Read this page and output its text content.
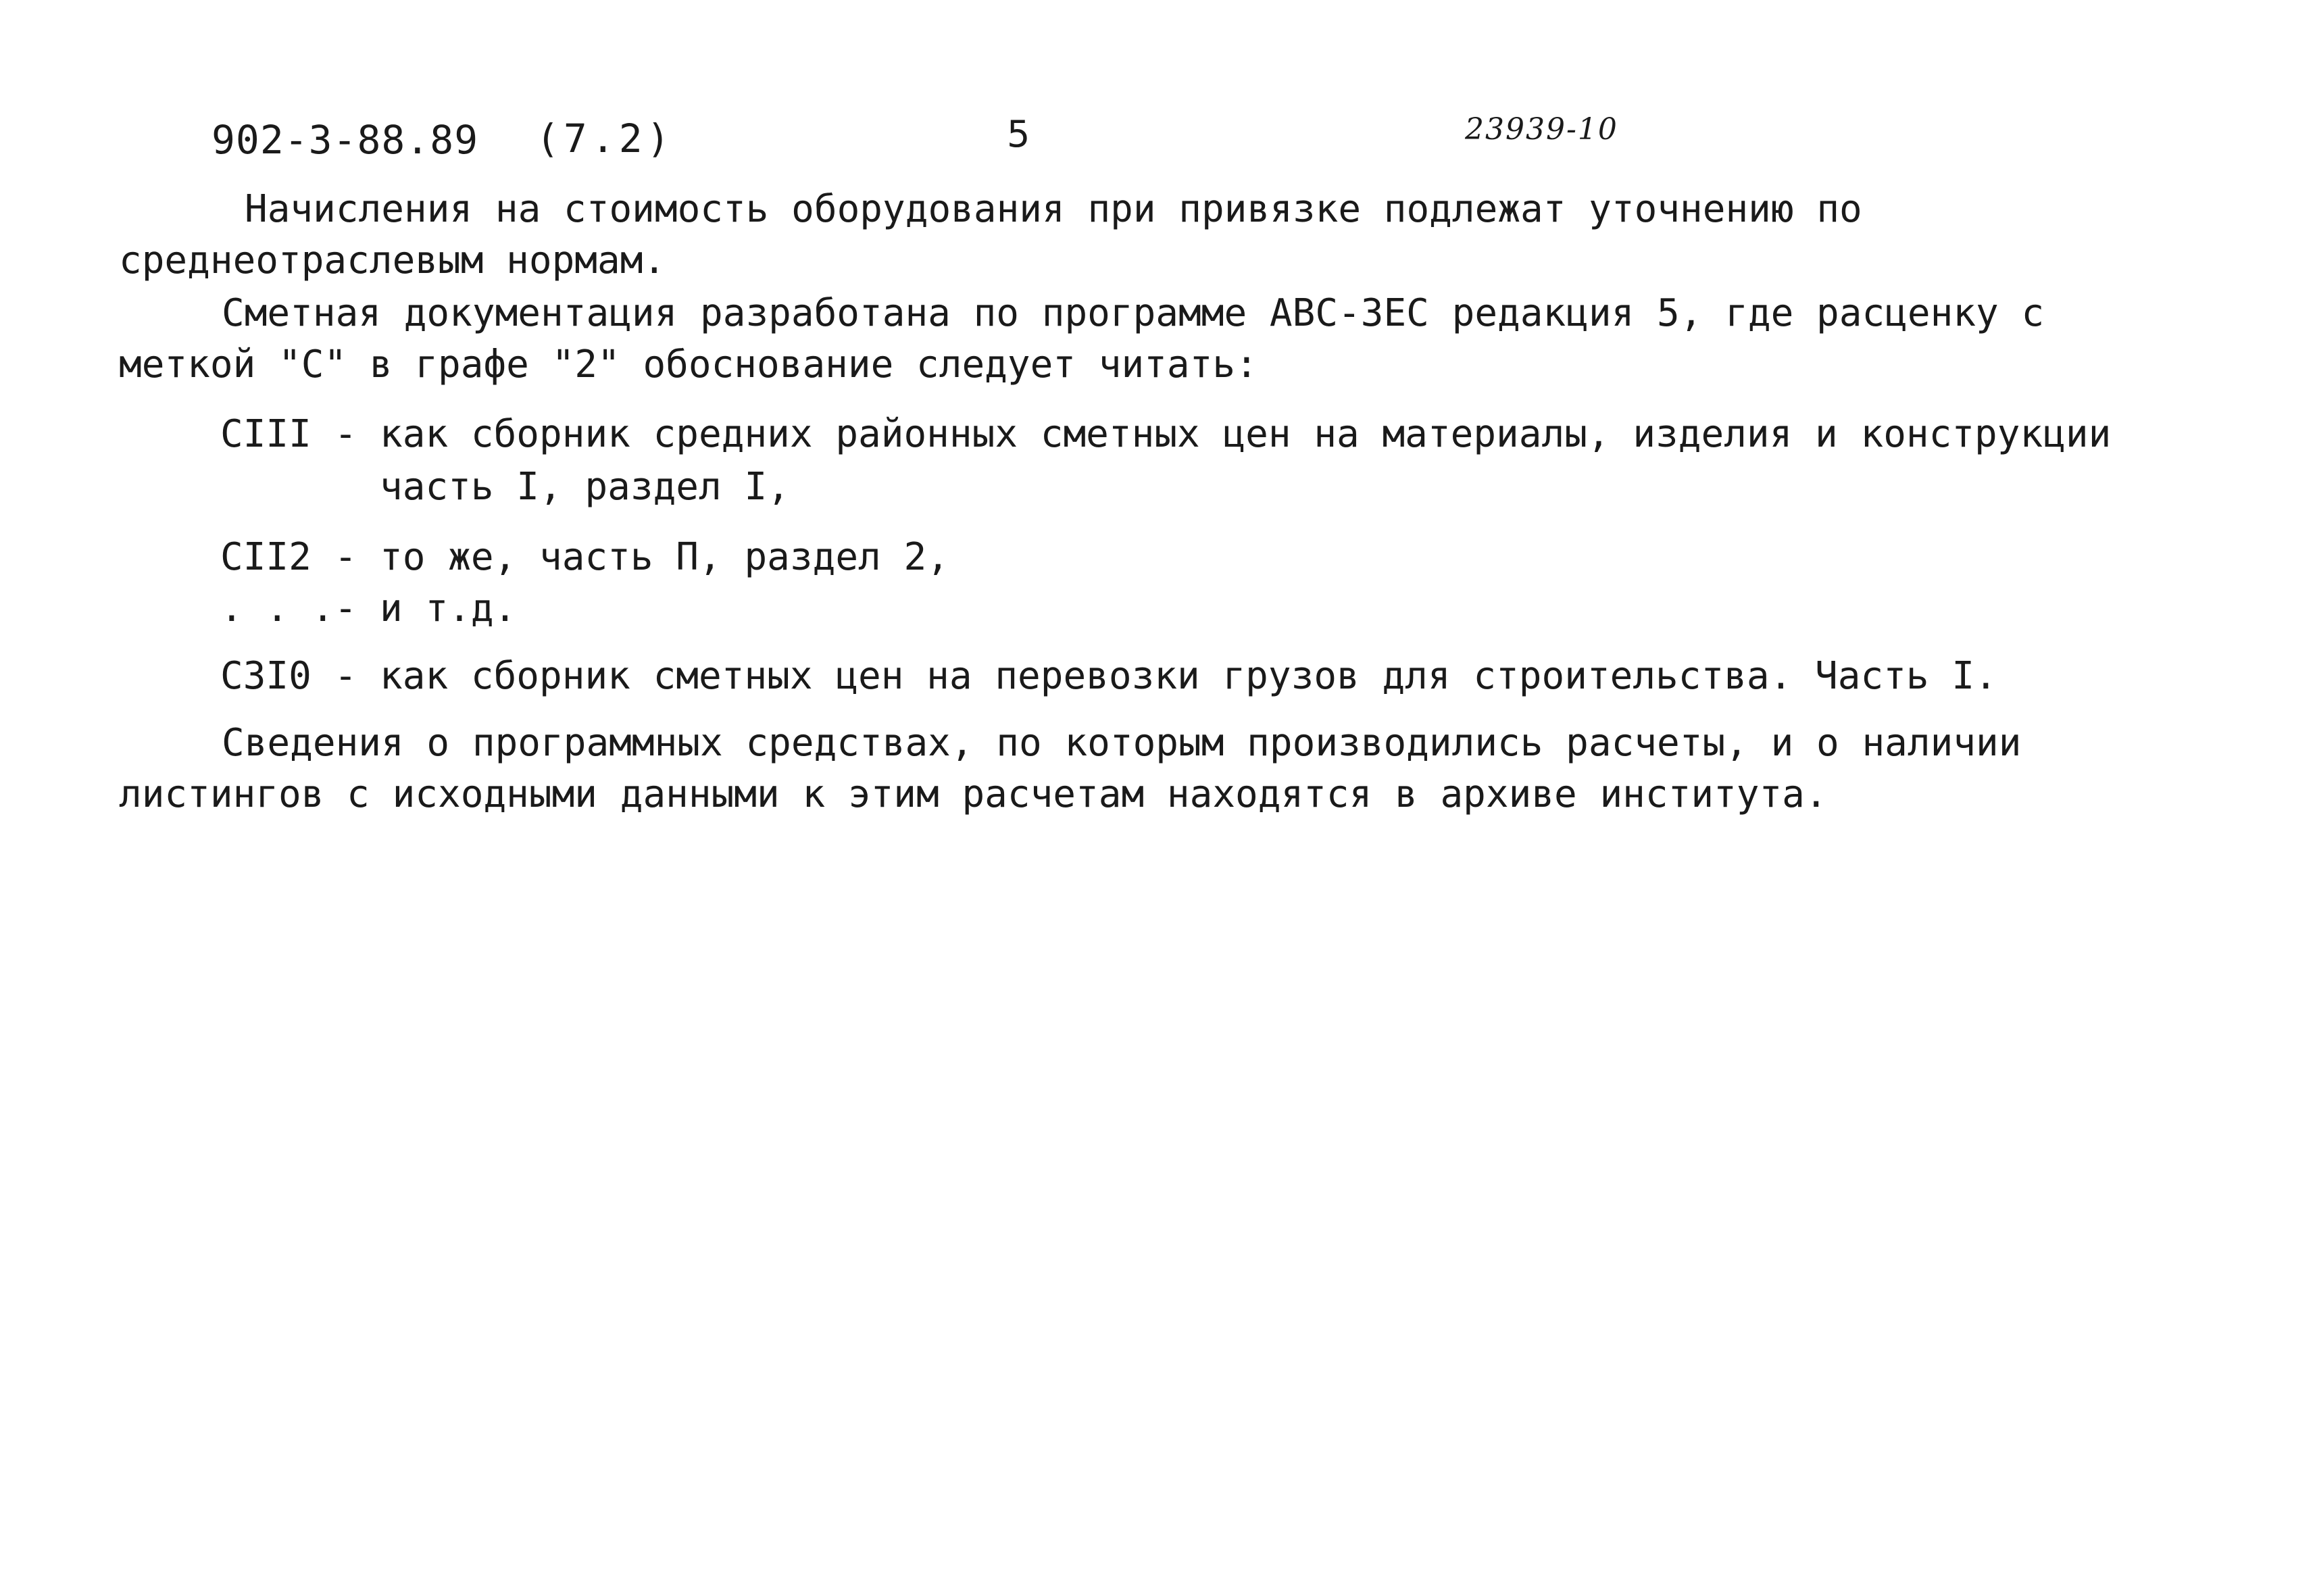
902-3-88.89 (7.2)	5	23939-10

Начисления на стоимость оборудования при привязке подлежат уточнению по среднеотраслевым нормам.

Сметная документация разработана по программе АВС-ЗЕС редакция 5, где расценку с меткой "С" в графе "2" обоснование следует читать:

СIII - как сборник средних районных сметных цен на материалы, изделия и конструкции часть I, раздел I,
СII2 - то же, часть П, раздел 2,
. . .- и т.д.
С3I0 - как сборник сметных цен на перевозки грузов для строительства. Часть I.

Сведения о программных средствах, по которым производились расчеты, и о наличии листингов с исходными данными к этим расчетам находятся в архиве института.
